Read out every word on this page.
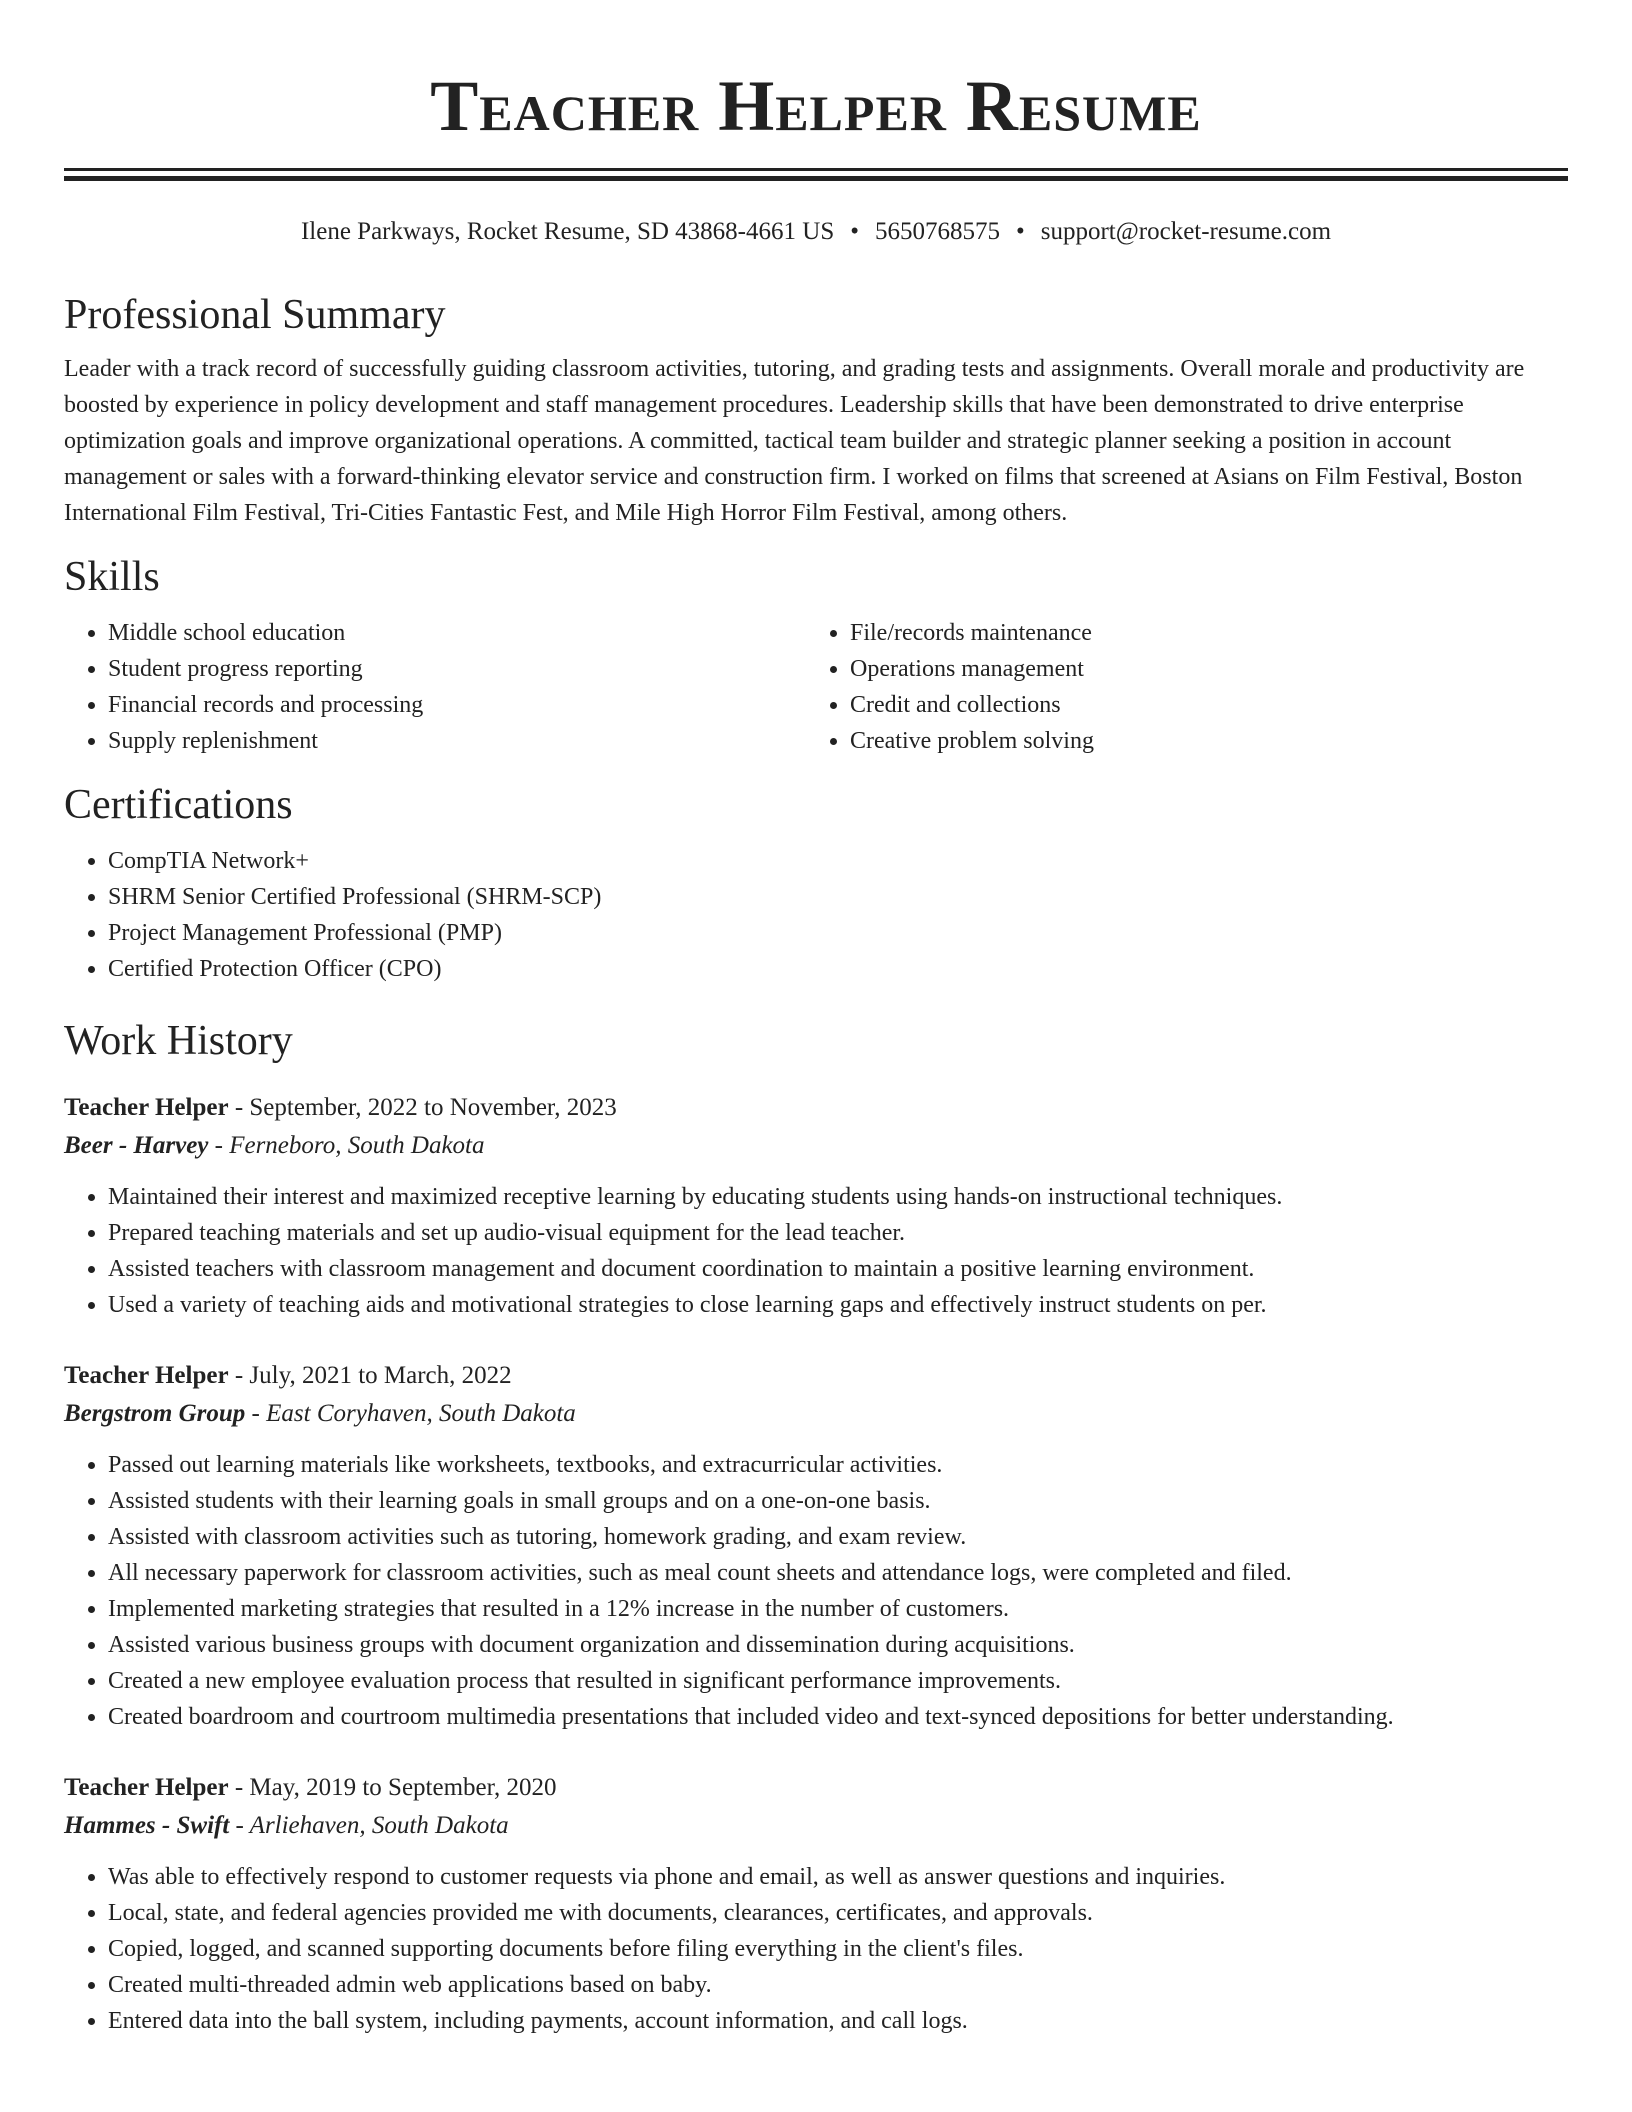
Teacher Helper Resume
Ilene Parkways, Rocket Resume, SD 43868-4661 US • 5650768575 • support@rocket-resume.com
Professional Summary
Leader with a track record of successfully guiding classroom activities, tutoring, and grading tests and assignments. Overall morale and productivity are boosted by experience in policy development and staff management procedures. Leadership skills that have been demonstrated to drive enterprise optimization goals and improve organizational operations. A committed, tactical team builder and strategic planner seeking a position in account management or sales with a forward-thinking elevator service and construction firm. I worked on films that screened at Asians on Film Festival, Boston International Film Festival, Tri-Cities Fantastic Fest, and Mile High Horror Film Festival, among others.
Skills
• Middle school education
• Student progress reporting
• Financial records and processing
• Supply replenishment
• File/records maintenance
• Operations management
• Credit and collections
• Creative problem solving
Certifications
• CompTIA Network+
• SHRM Senior Certified Professional (SHRM-SCP)
• Project Management Professional (PMP)
• Certified Protection Officer (CPO)
Work History
Teacher Helper - September, 2022 to November, 2023
Beer - Harvey - Ferneboro, South Dakota
• Maintained their interest and maximized receptive learning by educating students using hands-on instructional techniques.
• Prepared teaching materials and set up audio-visual equipment for the lead teacher.
• Assisted teachers with classroom management and document coordination to maintain a positive learning environment.
• Used a variety of teaching aids and motivational strategies to close learning gaps and effectively instruct students on per.
Teacher Helper - July, 2021 to March, 2022
Bergstrom Group - East Coryhaven, South Dakota
• Passed out learning materials like worksheets, textbooks, and extracurricular activities.
• Assisted students with their learning goals in small groups and on a one-on-one basis.
• Assisted with classroom activities such as tutoring, homework grading, and exam review.
• All necessary paperwork for classroom activities, such as meal count sheets and attendance logs, were completed and filed.
• Implemented marketing strategies that resulted in a 12% increase in the number of customers.
• Assisted various business groups with document organization and dissemination during acquisitions.
• Created a new employee evaluation process that resulted in significant performance improvements.
• Created boardroom and courtroom multimedia presentations that included video and text-synced depositions for better understanding.
Teacher Helper - May, 2019 to September, 2020
Hammes - Swift - Arliehaven, South Dakota
• Was able to effectively respond to customer requests via phone and email, as well as answer questions and inquiries.
• Local, state, and federal agencies provided me with documents, clearances, certificates, and approvals.
• Copied, logged, and scanned supporting documents before filing everything in the client's files.
• Created multi-threaded admin web applications based on baby.
• Entered data into the ball system, including payments, account information, and call logs.
